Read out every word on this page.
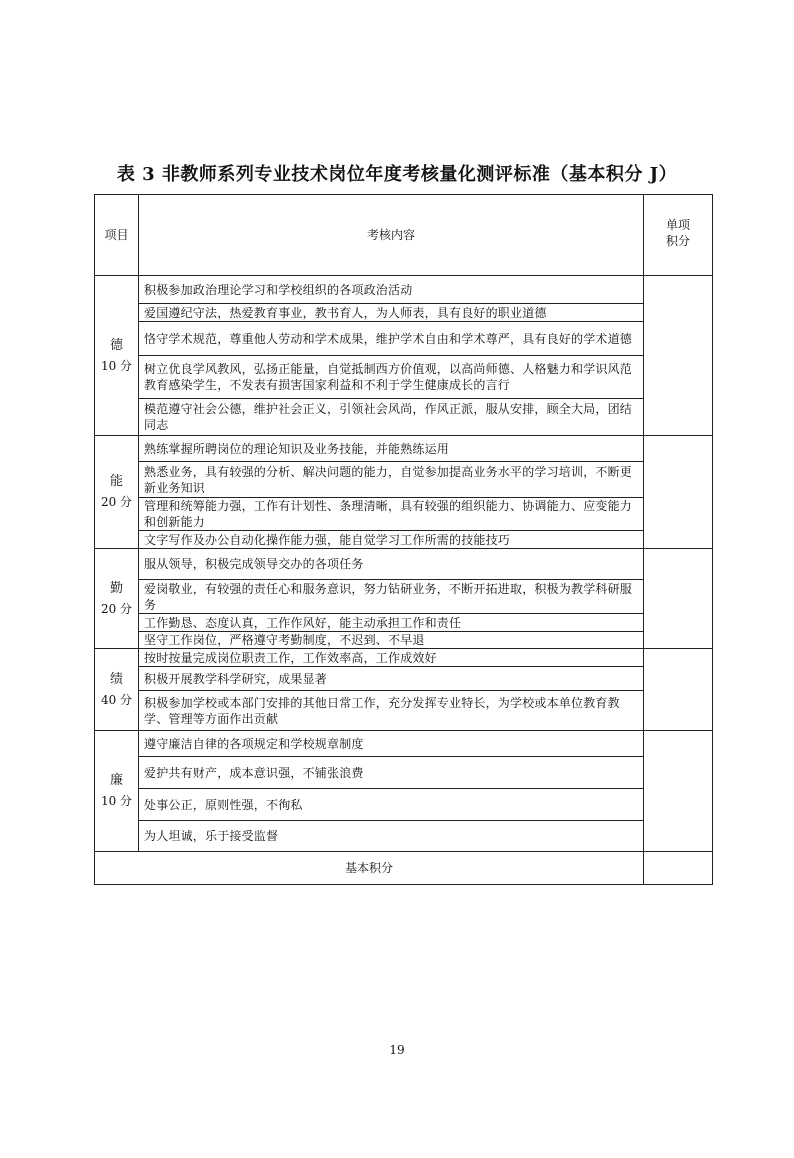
表 3 非教师系列专业技术岗位年度考核量化测评标准（基本积分 J）
项目	考核内容	单项
积分

德
10 分	积极参加政治理论学习和学校组织的各项政治活动	
	爱国遵纪守法，热爱教育事业，教书育人，为人师表，具有良好的职业道德	
	恪守学术规范，尊重他人劳动和学术成果，维护学术自由和学术尊严，具有良好的学术道德	
	树立优良学风教风，弘扬正能量，自觉抵制西方价值观，以高尚师德、人格魅力和学识风范教育感染学生，不发表有损害国家利益和不利于学生健康成长的言行	
	模范遵守社会公德，维护社会正义，引领社会风尚，作风正派，服从安排，顾全大局，团结同志	

能
20 分	熟练掌握所聘岗位的理论知识及业务技能，并能熟练运用	
	熟悉业务，具有较强的分析、解决问题的能力，自觉参加提高业务水平的学习培训，不断更新业务知识	
	管理和统筹能力强，工作有计划性、条理清晰，具有较强的组织能力、协调能力、应变能力和创新能力	
	文字写作及办公自动化操作能力强，能自觉学习工作所需的技能技巧	

勤
20 分	服从领导，积极完成领导交办的各项任务	
	爱岗敬业，有较强的责任心和服务意识，努力钻研业务，不断开拓进取，积极为教学科研服务	
	工作勤恳、态度认真，工作作风好，能主动承担工作和责任	
	坚守工作岗位，严格遵守考勤制度，不迟到、不早退	

绩
40 分	按时按量完成岗位职责工作，工作效率高，工作成效好	
	积极开展教学科学研究，成果显著	
	积极参加学校或本部门安排的其他日常工作，充分发挥专业特长，为学校或本单位教育教学、管理等方面作出贡献	

廉
10 分	遵守廉洁自律的各项规定和学校规章制度	
	爱护共有财产，成本意识强，不铺张浪费	
	处事公正，原则性强，不徇私	
	为人坦诚，乐于接受监督	
基本积分		
19
